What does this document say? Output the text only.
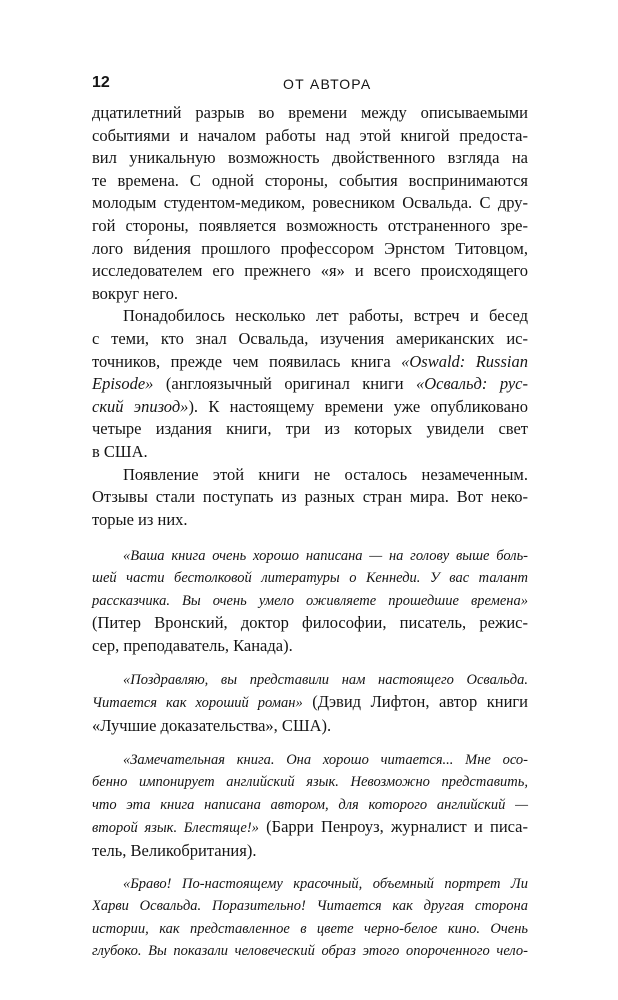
12	ОТ АВТОРА
дцатилетний разрыв во времени между описываемыми
событиями и началом работы над этой книгой предоста-
вил уникальную возможность двойственного взгляда на
те времена. С одной стороны, события воспринимаются
молодым студентом-медиком, ровесником Освальда. С дру-
гой стороны, появляется возможность отстраненного зре-
лого ви́дения прошлого профессором Эрнстом Титовцом,
исследователем его прежнего «я» и всего происходящего
вокруг него.
Понадобилось несколько лет работы, встреч и бесед
с теми, кто знал Освальда, изучения американских ис-
точников, прежде чем появилась книга «Oswald: Russian
Episode» (англоязычный оригинал книги «Освальд: рус-
ский эпизод»). К настоящему времени уже опубликовано
четыре издания книги, три из которых увидели свет
в США.
Появление этой книги не осталось незамеченным.
Отзывы стали поступать из разных стран мира. Вот неко-
торые из них.
«Ваша книга очень хорошо написана — на голову выше боль-
шей части бестолковой литературы о Кеннеди. У вас талант
рассказчика. Вы очень умело оживляете прошедшие времена»
(Питер Вронский, доктор философии, писатель, режис-
сер, преподаватель, Канада).
«Поздравляю, вы представили нам настоящего Освальда.
Читается как хороший роман» (Дэвид Лифтон, автор книги
«Лучшие доказательства», США).
«Замечательная книга. Она хорошо читается... Мне осо-
бенно импонирует английский язык. Невозможно представить,
что эта книга написана автором, для которого английский —
второй язык. Блестяще!» (Барри Пенроуз, журналист и писа-
тель, Великобритания).
«Браво! По-настоящему красочный, объемный портрет Ли
Харви Освальда. Поразительно! Читается как другая сторона
истории, как представленное в цвете черно-белое кино. Очень
глубоко. Вы показали человеческий образ этого опороченного чело-
